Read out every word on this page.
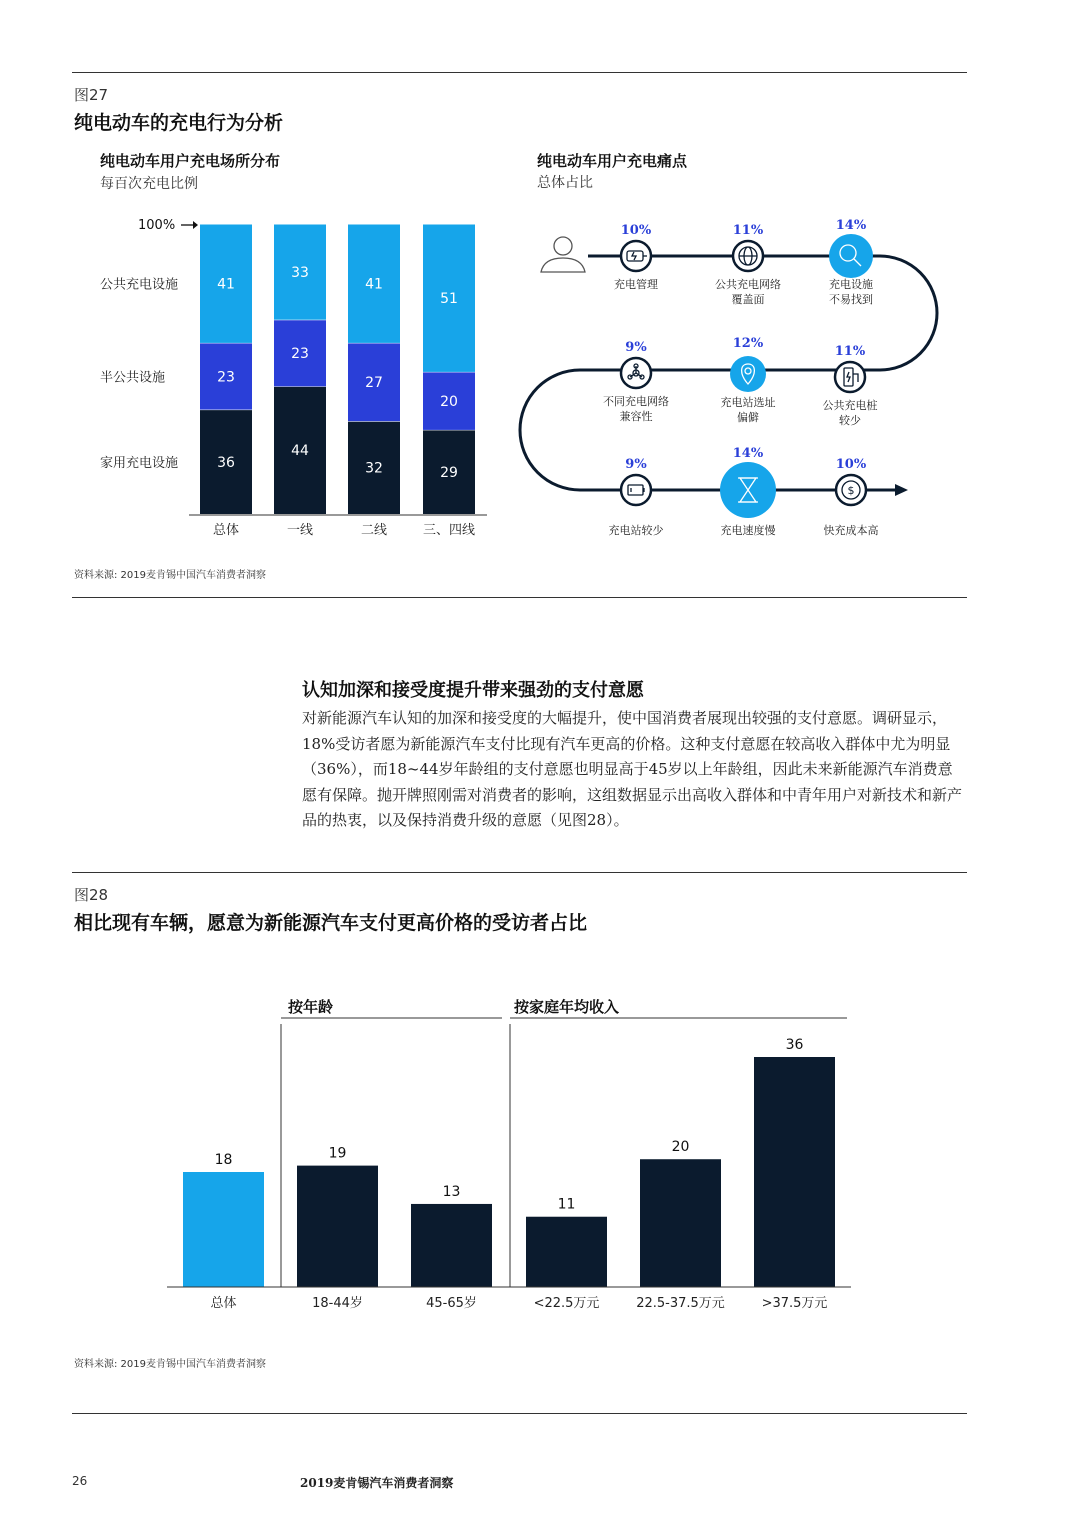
图27
纯电动车的充电行为分析
纯电动车用户充电场所分布
每百次充电比例
纯电动车用户充电痛点
总体占比
100%
36
23
41
总体
44
23
33
一线
32
27
41
二线
29
20
51
三、四线
家用充电设施
半公共设施
公共充电设施
10%
充电管理
11%
公共充电网络
覆盖面
14%
充电设施
不易找到
11%
公共充电桩
较少
12%
充电站选址
偏僻
9%
不同充电网络
兼容性
9%
充电站较少
14%
充电速度慢
$
10%
快充成本高
资料来源: 2019麦肯锡中国汽车消费者洞察
认知加深和接受度提升带来强劲的支付意愿
对新能源汽车认知的加深和接受度的大幅提升，使中国消费者展现出较强的支付意愿。调研显示，18%受访者愿为新能源汽车支付比现有汽车更高的价格。这种支付意愿在较高收入群体中尤为明显（36%），而18~44岁年龄组的支付意愿也明显高于45岁以上年龄组，因此未来新能源汽车消费意愿有保障。抛开牌照刚需对消费者的影响，这组数据显示出高收入群体和中青年用户对新技术和新产品的热衷，以及保持消费升级的意愿（见图28）。
图28
相比现有车辆，愿意为新能源汽车支付更高价格的受访者占比
按年龄	按家庭年均收入
18
总体
19
18-44岁
13
45-65岁
11
<22.5万元
20
22.5-37.5万元
36
>37.5万元
资料来源: 2019麦肯锡中国汽车消费者洞察
26	2019麦肯锡汽车消费者洞察
